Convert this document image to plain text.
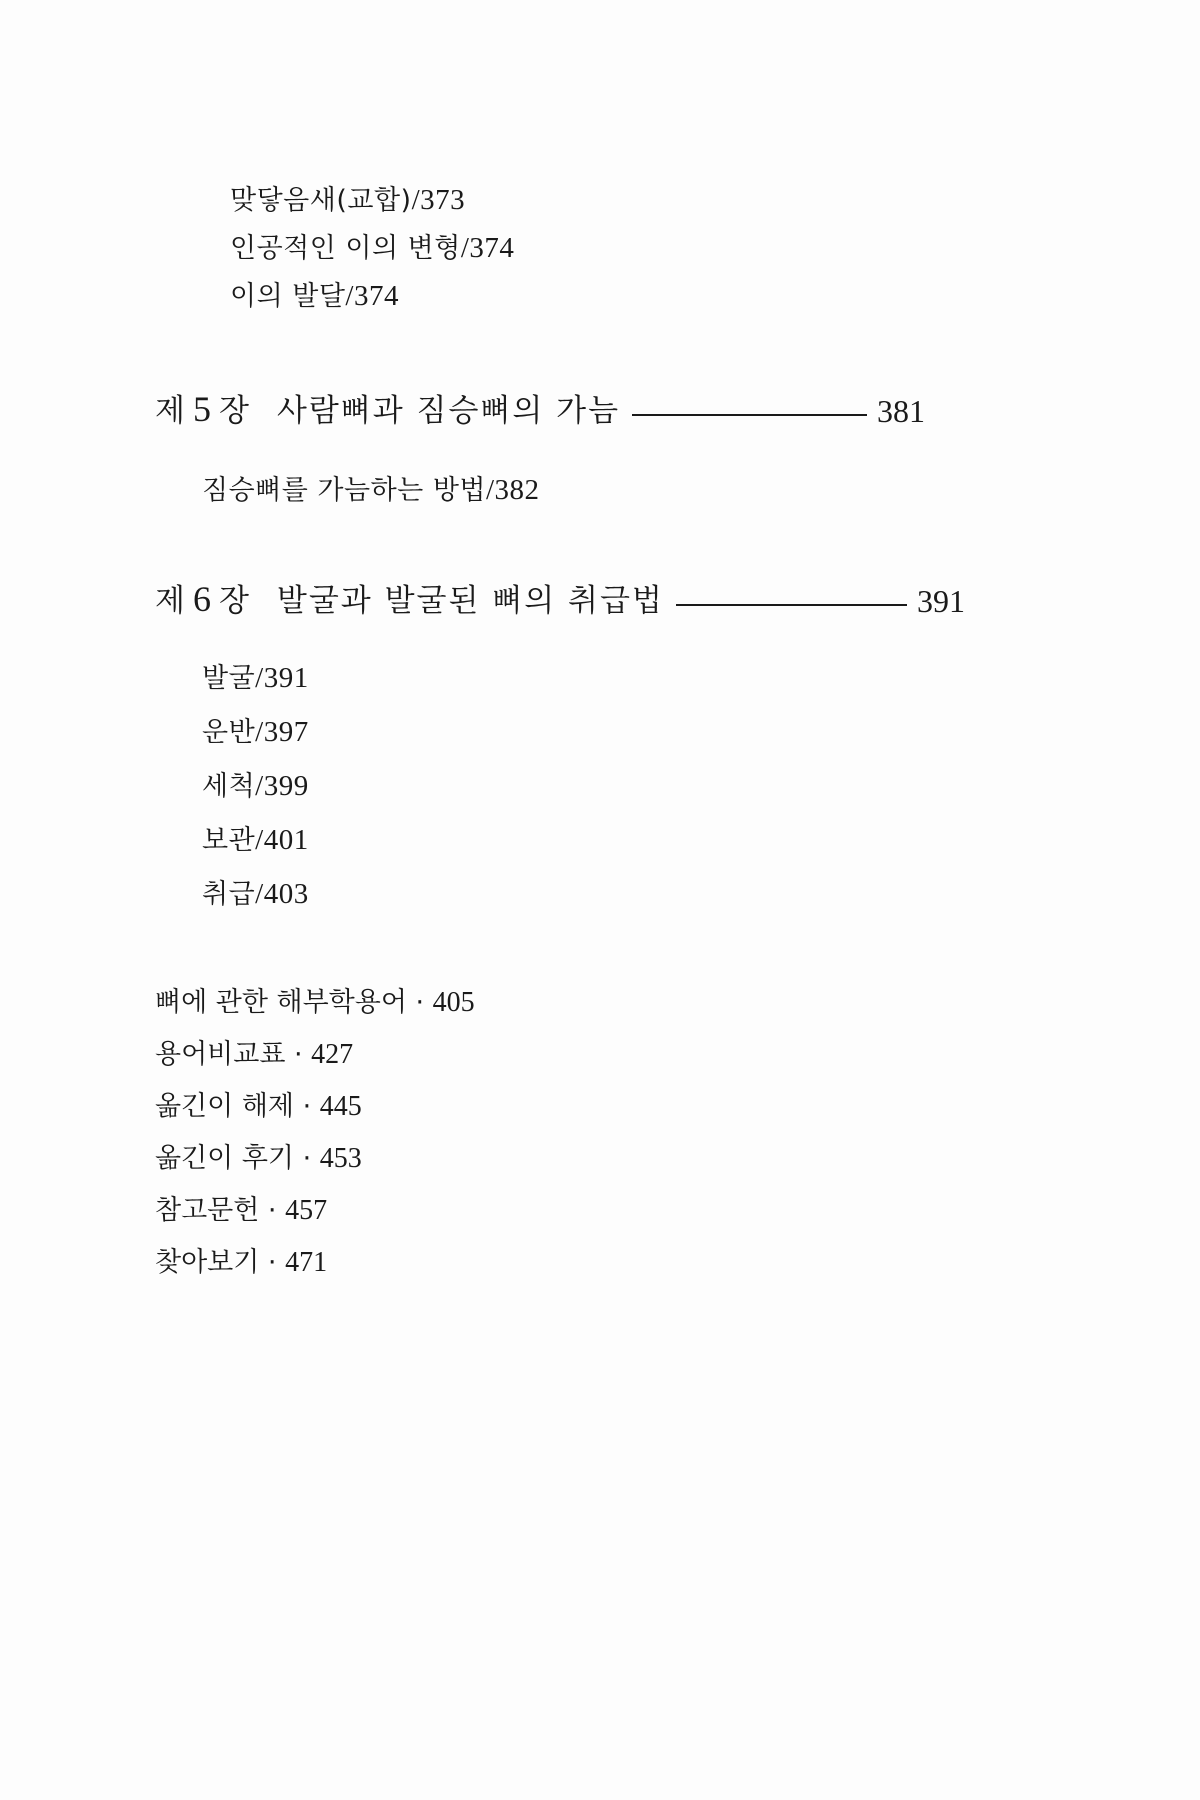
맞닿음새(교합)/373
인공적인 이의 변형/374
이의 발달/374
제 5 장 사람뼈과 짐승뼈의 가늠	381
짐승뼈를 가늠하는 방법/382
제 6 장 발굴과 발굴된 뼈의 취급법	391
발굴/391
운반/397
세척/399
보관/401
취급/403
뼈에 관한 해부학용어 · 405
용어비교표 · 427
옮긴이 해제 · 445
옮긴이 후기 · 453
참고문헌 · 457
찾아보기 · 471
